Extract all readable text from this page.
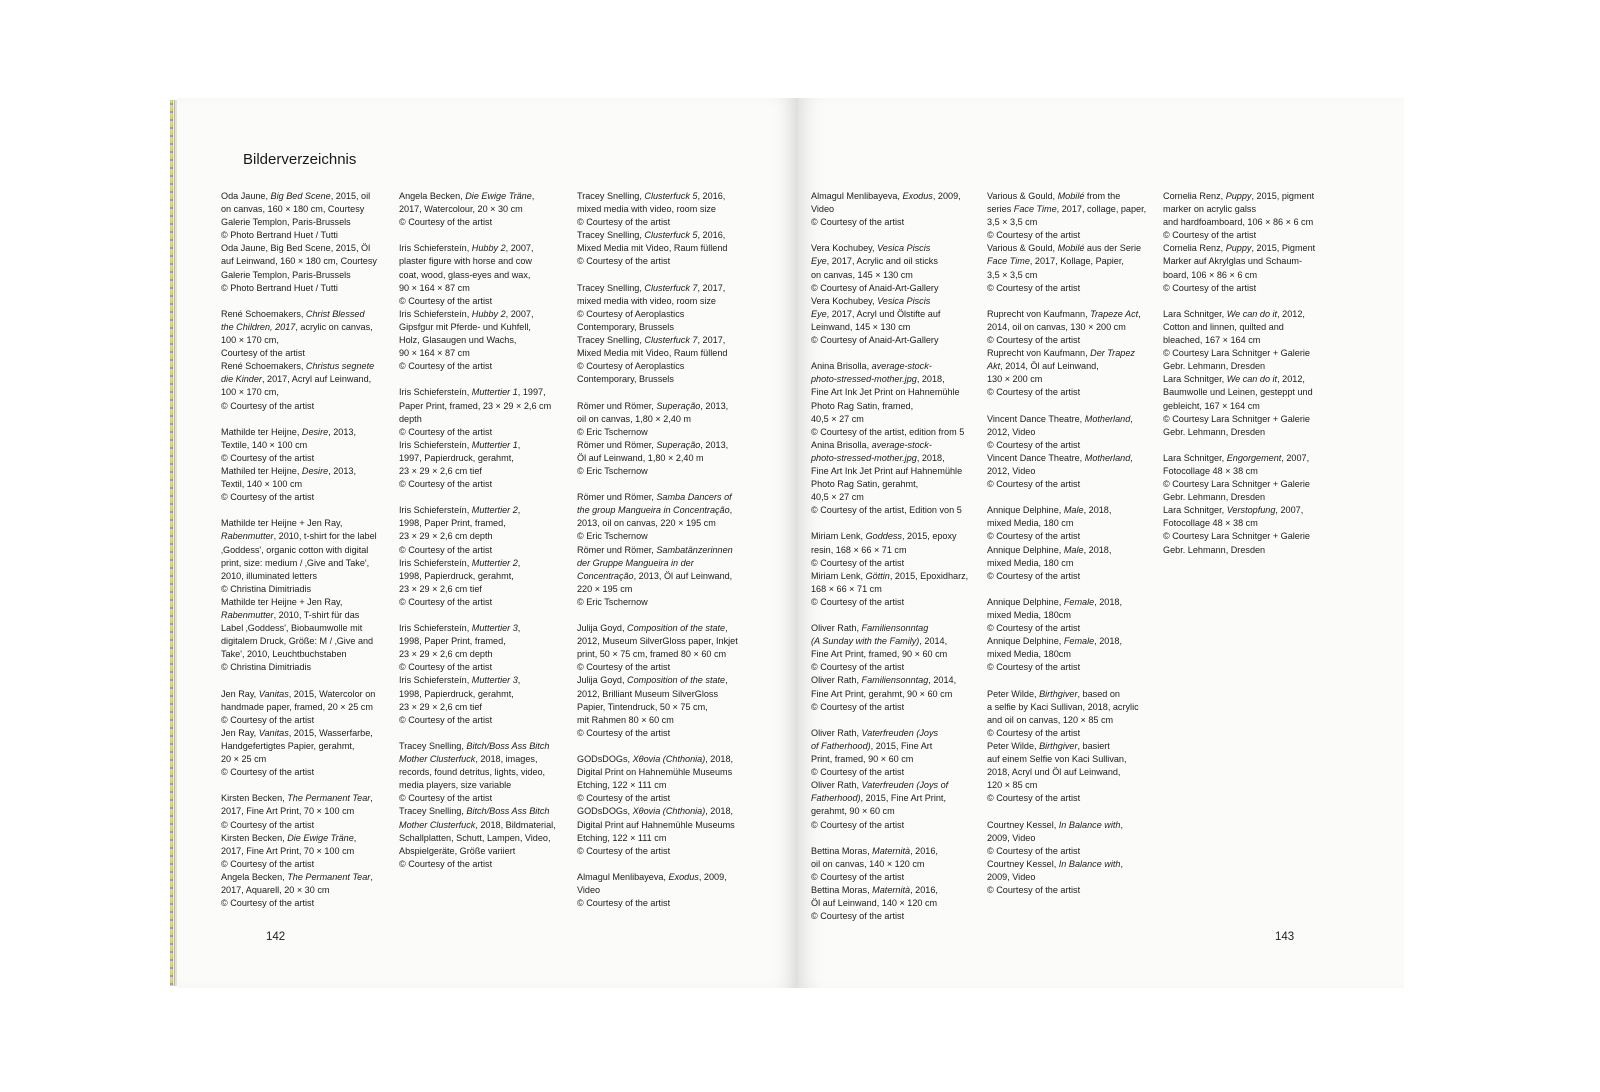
Bilderverzeichnis
Oda Jaune, Big Bed Scene, 2015, oil
on canvas, 160 × 180 cm, Courtesy
Galerie Templon, Paris-Brussels
© Photo Bertrand Huet / Tutti
Oda Jaune, Big Bed Scene, 2015, Öl
auf Leinwand, 160 × 180 cm, Courtesy
Galerie Templon, Paris-Brussels
© Photo Bertrand Huet / Tutti
René Schoemakers, Christ Blessed
the Children, 2017, acrylic on canvas,
100 × 170 cm,
Courtesy of the artist
René Schoemakers, Christus segnete
die Kinder, 2017, Acryl auf Leinwand,
100 × 170 cm,
© Courtesy of the artist
Mathilde ter Heijne, Desire, 2013,
Textile, 140 × 100 cm
© Courtesy of the artist
Mathiled ter Heijne, Desire, 2013,
Textil, 140 × 100 cm
© Courtesy of the artist
Mathilde ter Heijne + Jen Ray,
Rabenmutter, 2010, t-shirt for the label
‚Goddess', organic cotton with digital
print, size: medium / ‚Give and Take',
2010, illuminated letters
© Christina Dimitriadis
Mathilde ter Heijne + Jen Ray,
Rabenmutter, 2010, T-shirt für das
Label ‚Goddess', Biobaumwolle mit
digitalem Druck, Größe: M / ‚Give and
Take', 2010, Leuchtbuchstaben
© Christina Dimitriadis
Jen Ray, Vanitas, 2015, Watercolor on
handmade paper, framed, 20 × 25 cm
© Courtesy of the artist
Jen Ray, Vanitas, 2015, Wasserfarbe,
Handgefertigtes Papier, gerahmt,
20 × 25 cm
© Courtesy of the artist
Kirsten Becken, The Permanent Tear,
2017, Fine Art Print, 70 × 100 cm
© Courtesy of the artist
Kirsten Becken, Die Ewige Träne,
2017, Fine Art Print, 70 × 100 cm
© Courtesy of the artist
Angela Becken, The Permanent Tear,
2017, Aquarell, 20 × 30 cm
© Courtesy of the artist
Angela Becken, Die Ewige Träne,
2017, Watercolour, 20 × 30 cm
© Courtesy of the artist
Iris Schiefersteín, Hubby 2, 2007,
plaster figure with horse and cow
coat, wood, glass-eyes and wax,
90 × 164 × 87 cm
© Courtesy of the artist
Iris Schiefersteín, Hubby 2, 2007,
Gipsfgur mit Pferde- und Kuhfell,
Holz, Glasaugen und Wachs,
90 × 164 × 87 cm
© Courtesy of the artist
Iris Schiefersteín, Muttertier 1, 1997,
Paper Print, framed, 23 × 29 × 2,6 cm
depth
© Courtesy of the artist
Iris Schiefersteín, Muttertier 1,
1997, Papierdruck, gerahmt,
23 × 29 × 2,6 cm tief
© Courtesy of the artist
Iris Schiefersteín, Muttertier 2,
1998, Paper Print, framed,
23 × 29 × 2,6 cm depth
© Courtesy of the artist
Iris Schiefersteín, Muttertier 2,
1998, Papierdruck, gerahmt,
23 × 29 × 2,6 cm tief
© Courtesy of the artist
Iris Schiefersteín, Muttertier 3,
1998, Paper Print, framed,
23 × 29 × 2,6 cm depth
© Courtesy of the artist
Iris Schiefersteín, Muttertier 3,
1998, Papierdruck, gerahmt,
23 × 29 × 2,6 cm tief
© Courtesy of the artist
Tracey Snelling, Bitch/Boss Ass Bitch
Mother Clusterfuck, 2018, images,
records, found detritus, lights, video,
media players, size variable
© Courtesy of the artist
Tracey Snelling, Bitch/Boss Ass Bitch
Mother Clusterfuck, 2018, Bildmaterial,
Schallplatten, Schutt, Lampen, Video,
Abspielgeräte, Größe variiert
© Courtesy of the artist
Tracey Snelling, Clusterfuck 5, 2016,
mixed media with video, room size
© Courtesy of the artist
Tracey Snelling, Clusterfuck 5, 2016,
Mixed Media mit Video, Raum füllend
© Courtesy of the artist
Tracey Snelling, Clusterfuck 7, 2017,
mixed media with video, room size
© Courtesy of Aeroplastics
Contemporary, Brussels
Tracey Snelling, Clusterfuck 7, 2017,
Mixed Media mit Video, Raum füllend
© Courtesy of Aeroplastics
Contemporary, Brussels
Römer und Römer, Superação, 2013,
oil on canvas, 1,80 × 2,40 m
© Eric Tschernow
Römer und Römer, Superação, 2013,
Öl auf Leinwand, 1,80 × 2,40 m
© Eric Tschernow
Römer und Römer, Samba Dancers of
the group Mangueira in Concentração,
2013, oil on canvas, 220 × 195 cm
© Eric Tschernow
Römer und Römer, Sambatänzerinnen
der Gruppe Mangueira in der
Concentração, 2013, Öl auf Leinwand,
220 × 195 cm
© Eric Tschernow
Julija Goyd, Composition of the state,
2012, Museum SilverGloss paper, Inkjet
print, 50 × 75 cm, framed 80 × 60 cm
© Courtesy of the artist
Julija Goyd, Composition of the state,
2012, Brilliant Museum SilverGloss
Papier, Tintendruck, 50 × 75 cm,
mit Rahmen 80 × 60 cm
© Courtesy of the artist
GODsDOGs, Xθovia (Chthonia), 2018,
Digital Print on Hahnemühle Museums
Etching, 122 × 111 cm
© Courtesy of the artist
GODsDOGs, Xθovia (Chthonia), 2018,
Digital Print auf Hahnemühle Museums
Etching, 122 × 111 cm
© Courtesy of the artist
Almagul Menlibayeva, Exodus, 2009,
Video
© Courtesy of the artist
142
Almagul Menlibayeva, Exodus, 2009,
Video
© Courtesy of the artist
Vera Kochubey, Vesica Piscis
Eye, 2017, Acrylic and oil sticks
on canvas, 145 × 130 cm
© Courtesy of Anaid-Art-Gallery
Vera Kochubey, Vesica Piscis
Eye, 2017, Acryl und Ölstifte auf
Leinwand, 145 × 130 cm
© Courtesy of Anaid-Art-Gallery
Anina Brisolla, average-stock-
photo-stressed-mother.jpg, 2018,
Fine Art Ink Jet Print on Hahnemühle
Photo Rag Satin, framed,
40,5 × 27 cm
© Courtesy of the artist, edition from 5
Anina Brisolla, average-stock-
photo-stressed-mother.jpg, 2018,
Fine Art Ink Jet Print auf Hahnemühle
Photo Rag Satin, gerahmt,
40,5 × 27 cm
© Courtesy of the artist, Edition von 5
Miriam Lenk, Goddess, 2015, epoxy
resin, 168 × 66 × 71 cm
© Courtesy of the artist
Miriam Lenk, Göttin, 2015, Epoxidharz,
168 × 66 × 71 cm
© Courtesy of the artist
Oliver Rath, Familiensonntag
(A Sunday with the Family), 2014,
Fine Art Print, framed, 90 × 60 cm
© Courtesy of the artist
Oliver Rath, Familiensonntag, 2014,
Fine Art Print, gerahmt, 90 × 60 cm
© Courtesy of the artist
Oliver Rath, Vaterfreuden (Joys
of Fatherhood), 2015, Fine Art
Print, framed, 90 × 60 cm
© Courtesy of the artist
Oliver Rath, Vaterfreuden (Joys of
Fatherhood), 2015, Fine Art Print,
gerahmt, 90 × 60 cm
© Courtesy of the artist
Bettina Moras, Maternità, 2016,
oil on canvas, 140 × 120 cm
© Courtesy of the artist
Bettina Moras, Maternità, 2016,
Öl auf Leinwand, 140 × 120 cm
© Courtesy of the artist
Various & Gould, Mobilé from the
series Face Time, 2017, collage, paper,
3,5 × 3,5 cm
© Courtesy of the artist
Various & Gould, Mobilé aus der Serie
Face Time, 2017, Kollage, Papier,
3,5 × 3,5 cm
© Courtesy of the artist
Ruprecht von Kaufmann, Trapeze Act,
2014, oil on canvas, 130 × 200 cm
© Courtesy of the artist
Ruprecht von Kaufmann, Der Trapez
Akt, 2014, Öl auf Leinwand,
130 × 200 cm
© Courtesy of the artist
Vincent Dance Theatre, Motherland,
2012, Video
© Courtesy of the artist
Vincent Dance Theatre, Motherland,
2012, Video
© Courtesy of the artist
Annique Delphine, Male, 2018,
mixed Media, 180 cm
© Courtesy of the artist
Annique Delphine, Male, 2018,
mixed Media, 180 cm
© Courtesy of the artist
Annique Delphine, Female, 2018,
mixed Media, 180cm
© Courtesy of the artist
Annique Delphine, Female, 2018,
mixed Media, 180cm
© Courtesy of the artist
Peter Wilde, Birthgiver, based on
a selfie by Kaci Sullivan, 2018, acrylic
and oil on canvas, 120 × 85 cm
© Courtesy of the artist
Peter Wilde, Birthgiver, basiert
auf einem Selfie von Kaci Sullivan,
2018, Acryl und Öl auf Leinwand,
120 × 85 cm
© Courtesy of the artist
Courtney Kessel, In Balance with,
2009, Video
© Courtesy of the artist
Courtney Kessel, In Balance with,
2009, Video
© Courtesy of the artist
Cornelia Renz, Puppy, 2015, pigment
marker on acrylic galss
and hardfoamboard, 106 × 86 × 6 cm
© Courtesy of the artist
Cornelia Renz, Puppy, 2015, Pigment
Marker auf Akrylglas und Schaum-
board, 106 × 86 × 6 cm
© Courtesy of the artist
Lara Schnitger, We can do it, 2012,
Cotton and linnen, quilted and
bleached, 167 × 164 cm
© Courtesy Lara Schnitger + Galerie
Gebr. Lehmann, Dresden
Lara Schnitger, We can do it, 2012,
Baumwolle und Leinen, gesteppt und
gebleicht, 167 × 164 cm
© Courtesy Lara Schnitger + Galerie
Gebr. Lehmann, Dresden
Lara Schnitger, Engorgement, 2007,
Fotocollage 48 × 38 cm
© Courtesy Lara Schnitger + Galerie
Gebr. Lehmann, Dresden
Lara Schnitger, Verstopfung, 2007,
Fotocollage 48 × 38 cm
© Courtesy Lara Schnitger + Galerie
Gebr. Lehmann, Dresden
143
